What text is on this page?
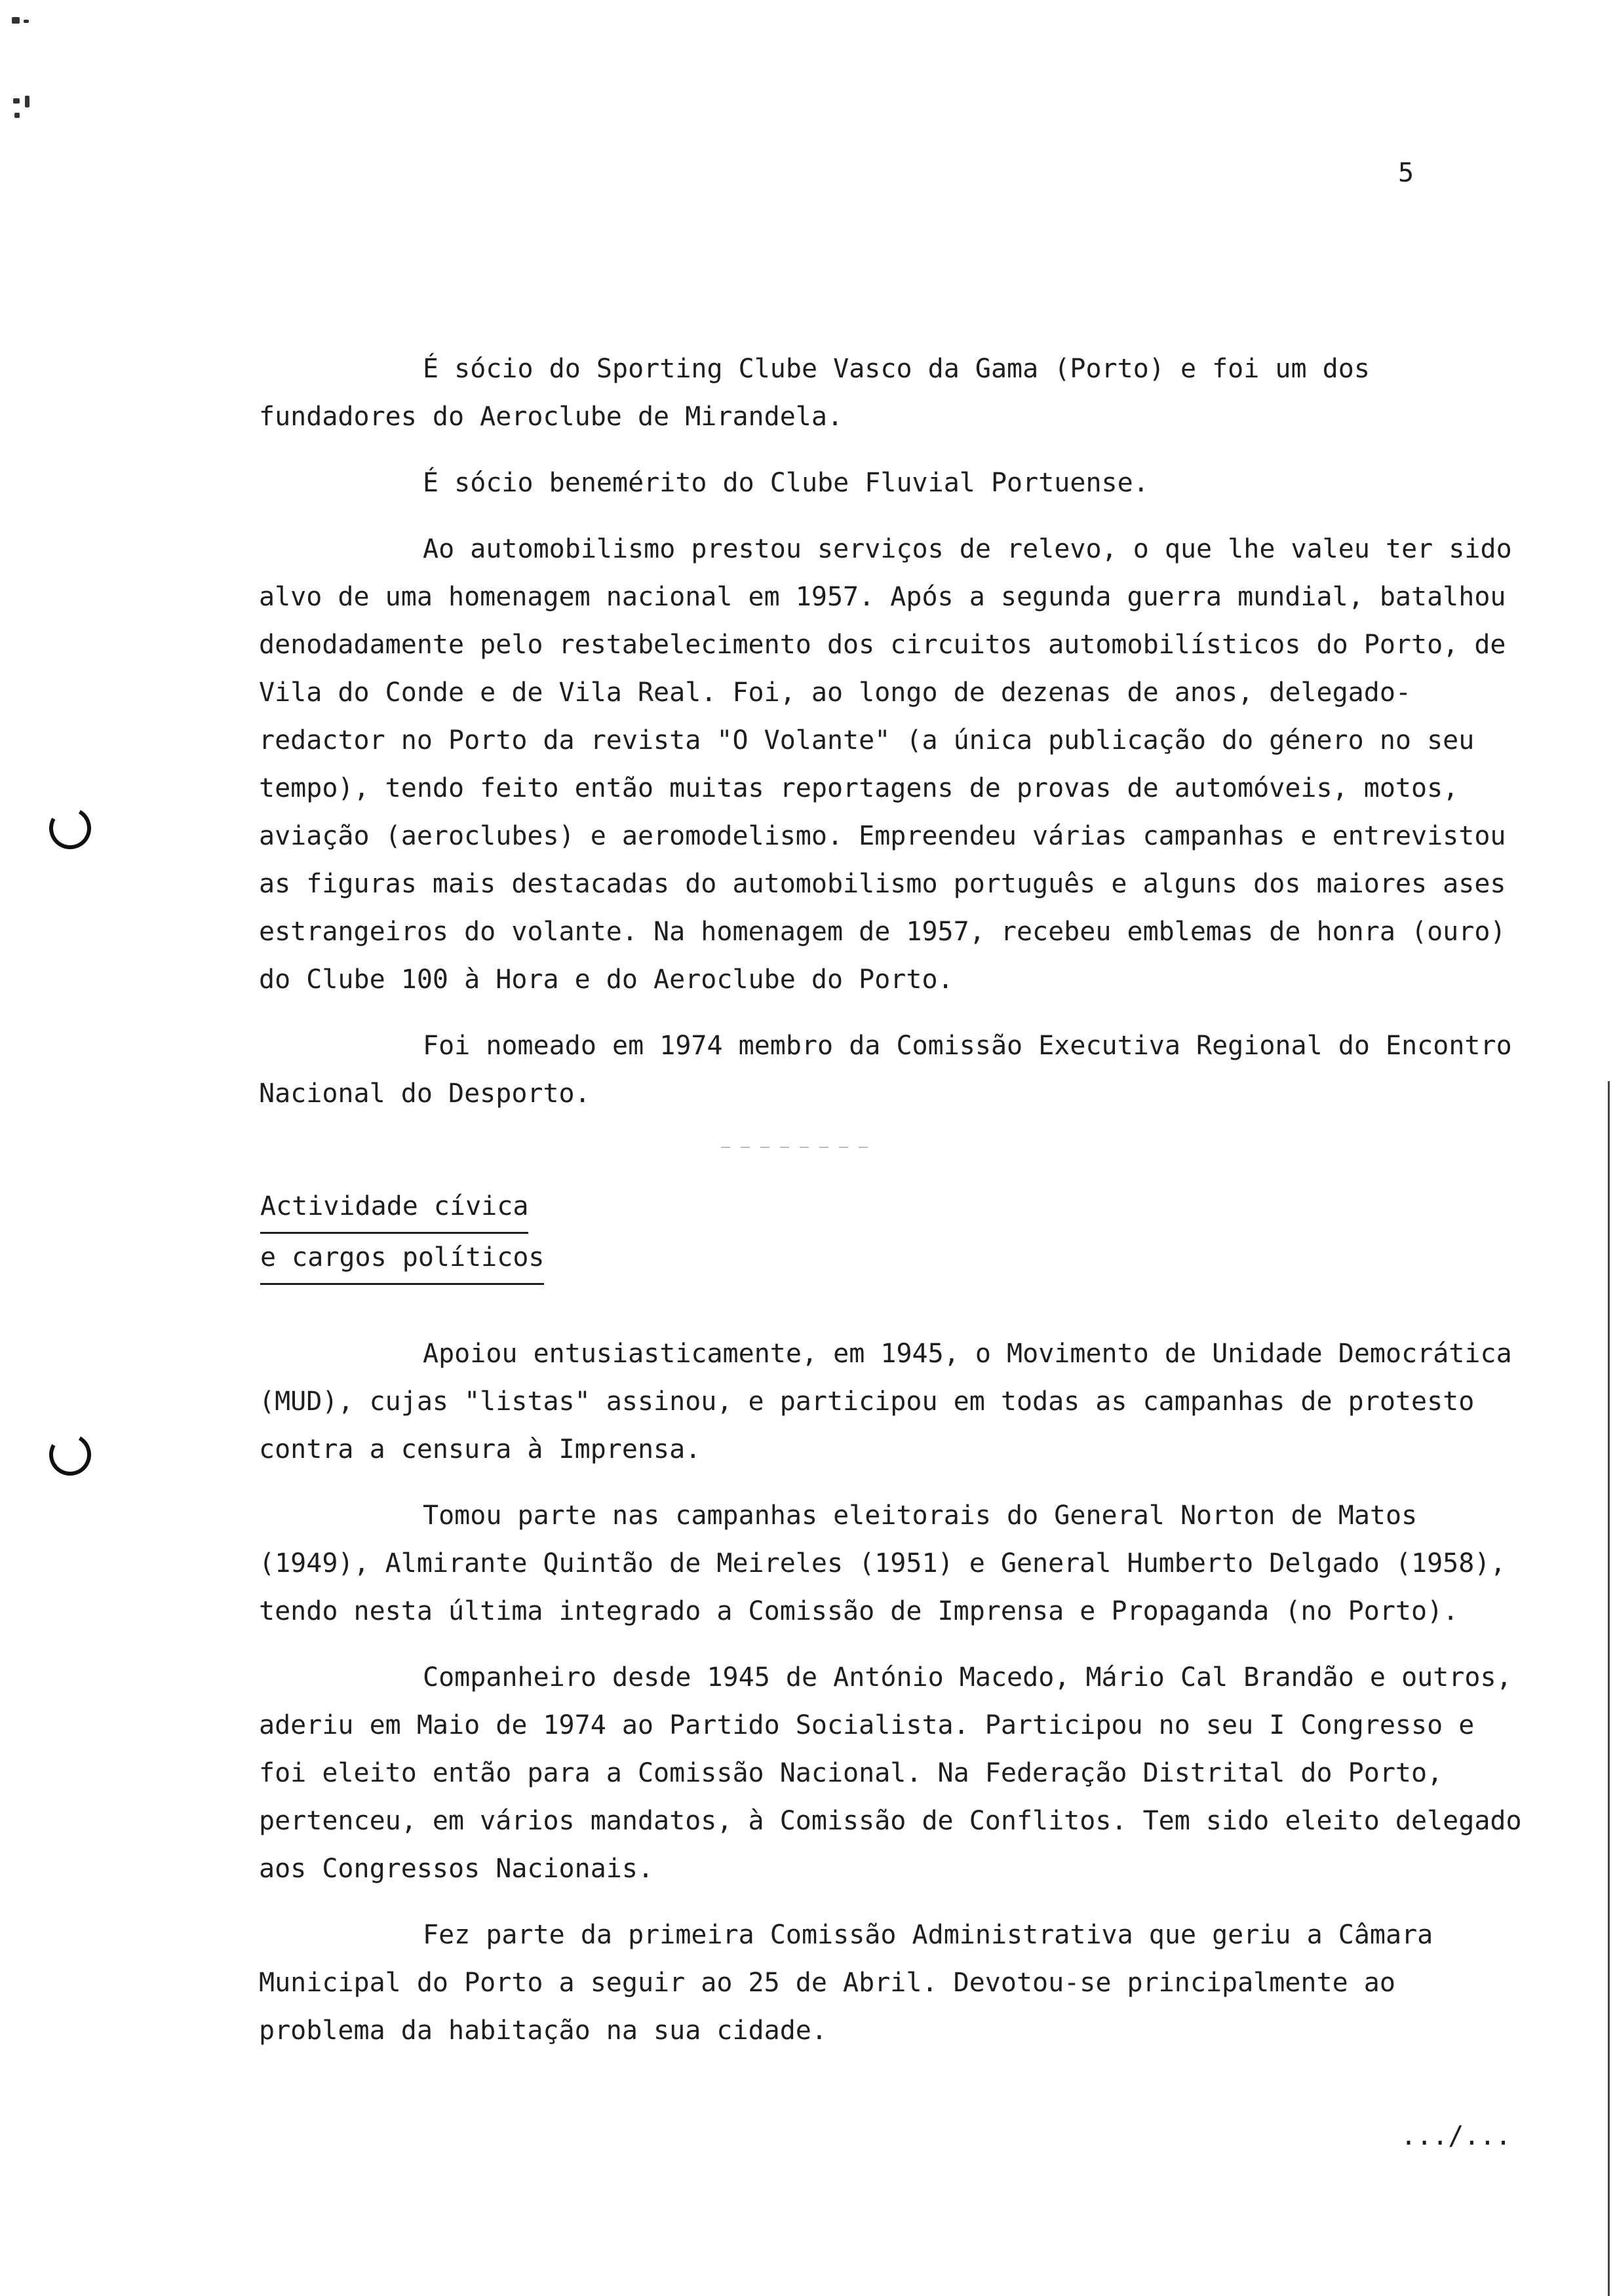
5

É sócio do Sporting Clube Vasco da Gama (Porto) e foi um dos fundadores do Aeroclube de Mirandela.

É sócio benemérito do Clube Fluvial Portuense.

Ao automobilismo prestou serviços de relevo, o que lhe valeu ter sido alvo de uma homenagem nacional em 1957. Após a segunda guerra mundial, batalhou denodadamente pelo restabelecimento dos circuitos automobilísticos do Porto, de Vila do Conde e de Vila Real. Foi, ao longo de dezenas de anos, delegado-redactor no Porto da revista "O Volante" (a única publicação do género no seu tempo), tendo feito então muitas reportagens de provas de automóveis, motos, aviação (aeroclubes) e aeromodelismo. Empreendeu várias campanhas e entrevistou as figuras mais destacadas do automobilismo português e alguns dos maiores ases estrangeiros do volante. Na homenagem de 1957, recebeu emblemas de honra (ouro) do Clube 100 à Hora e do Aeroclube do Porto.

Foi nomeado em 1974 membro da Comissão Executiva Regional do Encontro Nacional do Desporto.

Actividade cívica
e cargos políticos

Apoiou entusiasticamente, em 1945, o Movimento de Unidade Democrática (MUD), cujas "listas" assinou, e participou em todas as campanhas de protesto contra a censura à Imprensa.

Tomou parte nas campanhas eleitorais do General Norton de Matos (1949), Almirante Quintão de Meireles (1951) e General Humberto Delgado (1958), tendo nesta última integrado a Comissão de Imprensa e Propaganda (no Porto).

Companheiro desde 1945 de António Macedo, Mário Cal Brandão e outros, aderiu em Maio de 1974 ao Partido Socialista. Participou no seu I Congresso e foi eleito então para a Comissão Nacional. Na Federação Distrital do Porto, pertenceu, em vários mandatos, à Comissão de Conflitos. Tem sido eleito delegado aos Congressos Nacionais.

Fez parte da primeira Comissão Administrativa que geriu a Câmara Municipal do Porto a seguir ao 25 de Abril. Devotou-se principalmente ao problema da habitação na sua cidade.

.../...
